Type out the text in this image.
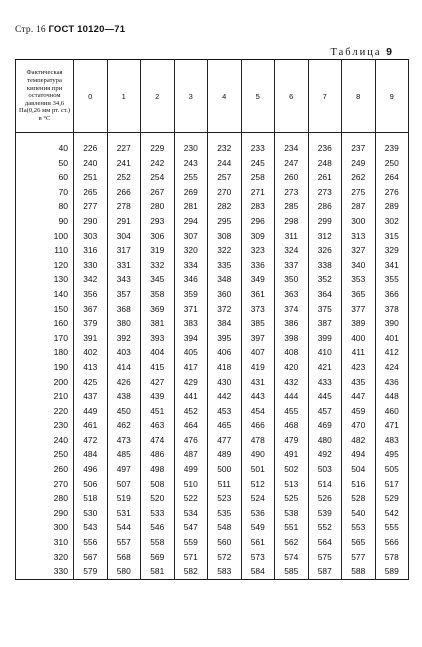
Стр. 16 ГОСТ 10120—71
Таблица 9
Фактическая температура кипения при остаточном давлении 34,6 Па(0,26 мм рт. ст.) в °С	0	1	2	3	4	5	6	7	8	9

40	226	227	229	230	232	233	234	236	237	239
50	240	241	242	243	244	245	247	248	249	250
60	251	252	254	255	257	258	260	261	262	264
70	265	266	267	269	270	271	273	273	275	276
80	277	278	280	281	282	283	285	286	287	289
90	290	291	293	294	295	296	298	299	300	302
100	303	304	306	307	308	309	311	312	313	315
110	316	317	319	320	322	323	324	326	327	329
120	330	331	332	334	335	336	337	338	340	341
130	342	343	345	346	348	349	350	352	353	355
140	356	357	358	359	360	361	363	364	365	366
150	367	368	369	371	372	373	374	375	377	378
160	379	380	381	383	384	385	386	387	389	390
170	391	392	393	394	395	397	398	399	400	401
180	402	403	404	405	406	407	408	410	411	412
190	413	414	415	417	418	419	420	421	423	424
200	425	426	427	429	430	431	432	433	435	436
210	437	438	439	441	442	443	444	445	447	448
220	449	450	451	452	453	454	455	457	459	460
230	461	462	463	464	465	466	468	469	470	471
240	472	473	474	476	477	478	479	480	482	483
250	484	485	486	487	489	490	491	492	494	495
260	496	497	498	499	500	501	502	503	504	505
270	506	507	508	510	511	512	513	514	516	517
280	518	519	520	522	523	524	525	526	528	529
290	530	531	533	534	535	536	538	539	540	542
300	543	544	546	547	548	549	551	552	553	555
310	556	557	558	559	560	561	562	564	565	566
320	567	568	569	571	572	573	574	575	577	578
330	579	580	581	582	583	584	585	587	588	589
